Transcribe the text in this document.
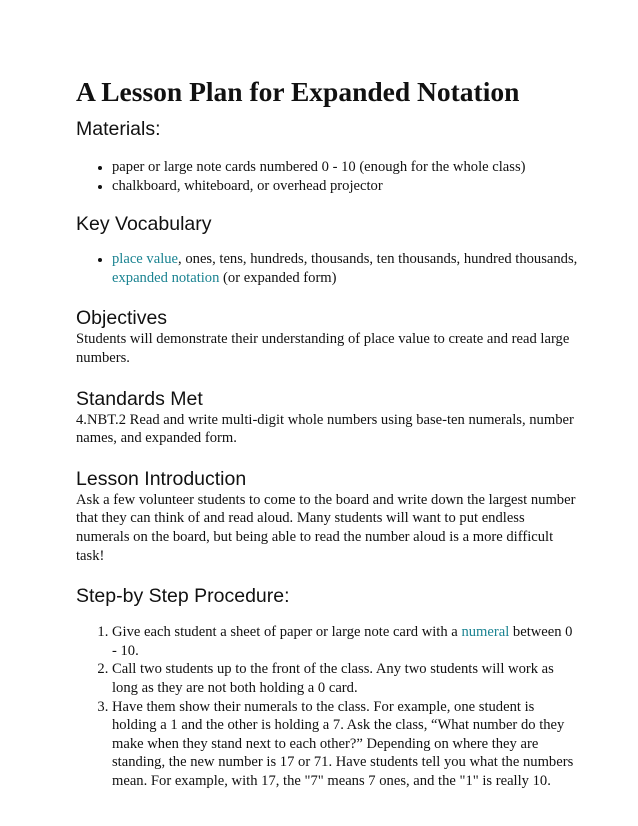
A Lesson Plan for Expanded Notation
Materials:
• paper or large note cards numbered 0 - 10 (enough for the whole class)
• chalkboard, whiteboard, or overhead projector
Key Vocabulary
• place value, ones, tens, hundreds, thousands, ten thousands, hundred thousands, expanded notation (or expanded form)
Objectives

Students will demonstrate their understanding of place value to create and read large numbers.

Standards Met

4.NBT.2 Read and write multi-digit whole numbers using base-ten numerals, number names, and expanded form.

Lesson Introduction

Ask a few volunteer students to come to the board and write down the largest number that they can think of and read aloud. Many students will want to put endless numerals on the board, but being able to read the number aloud is a more difficult task!

Step-by Step Procedure:
1. Give each student a sheet of paper or large note card with a numeral between 0 - 10.
2. Call two students up to the front of the class. Any two students will work as long as they are not both holding a 0 card.
3. Have them show their numerals to the class. For example, one student is holding a 1 and the other is holding a 7. Ask the class, “What number do they make when they stand next to each other?” Depending on where they are standing, the new number is 17 or 71. Have students tell you what the numbers mean. For example, with 17, the "7" means 7 ones, and the "1" is really 10.
